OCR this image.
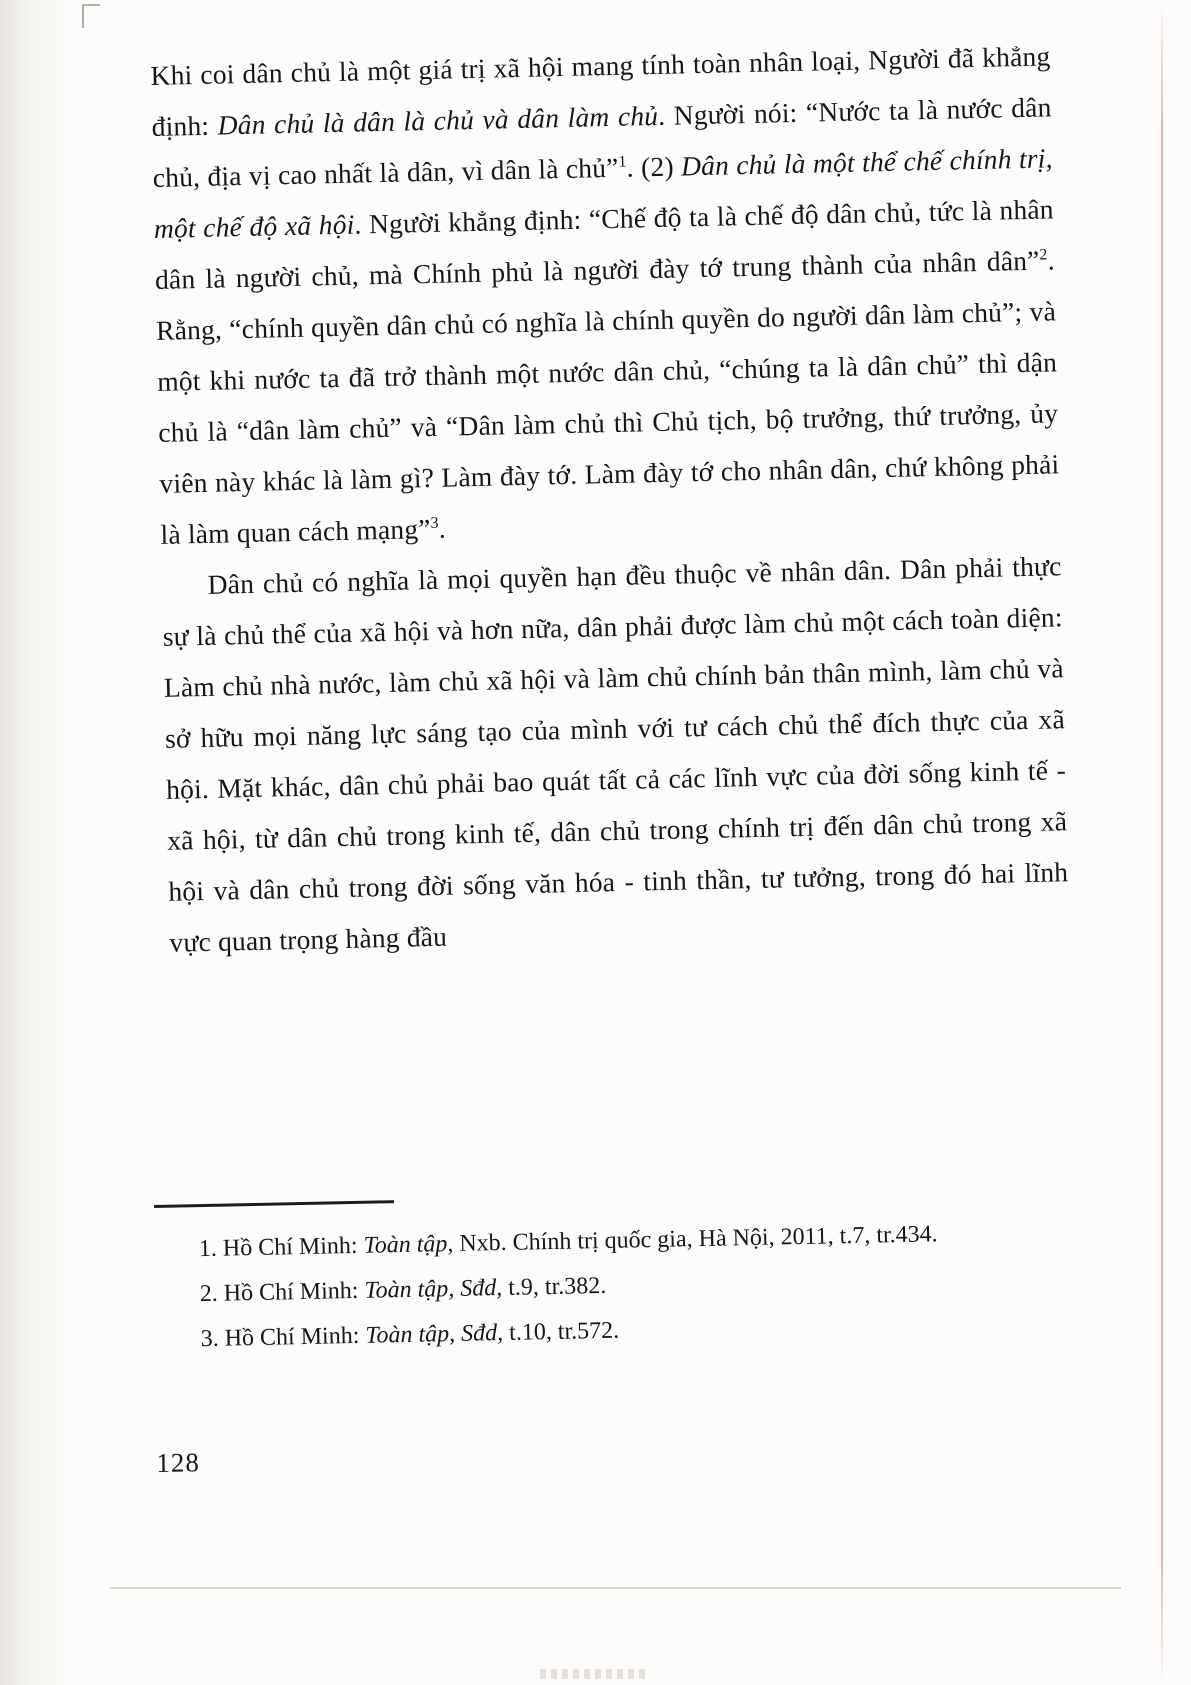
Khi coi dân chủ là một giá trị xã hội mang tính toàn nhân loại, Người đã khẳng định: Dân chủ là dân là chủ và dân làm chủ. Người nói: “Nước ta là nước dân chủ, địa vị cao nhất là dân, vì dân là chủ”$^1$. (2) Dân chủ là một thể chế chính trị, một chế độ xã hội. Người khẳng định: “Chế độ ta là chế độ dân chủ, tức là nhân dân là người chủ, mà Chính phủ là người đày tớ trung thành của nhân dân”$^2$. Rằng, “chính quyền dân chủ có nghĩa là chính quyền do người dân làm chủ”; và một khi nước ta đã trở thành một nước dân chủ, “chúng ta là dân chủ” thì dận chủ là “dân làm chủ” và “Dân làm chủ thì Chủ tịch, bộ trưởng, thứ trưởng, ủy viên này khác là làm gì? Làm đày tớ. Làm đày tớ cho nhân dân, chứ không phải là làm quan cách mạng”$^3$.

Dân chủ có nghĩa là mọi quyền hạn đều thuộc về nhân dân. Dân phải thực sự là chủ thể của xã hội và hơn nữa, dân phải được làm chủ một cách toàn diện: Làm chủ nhà nước, làm chủ xã hội và làm chủ chính bản thân mình, làm chủ và sở hữu mọi năng lực sáng tạo của mình với tư cách chủ thể đích thực của xã hội. Mặt khác, dân chủ phải bao quát tất cả các lĩnh vực của đời sống kinh tế - xã hội, từ dân chủ trong kinh tế, dân chủ trong chính trị đến dân chủ trong xã hội và dân chủ trong đời sống văn hóa - tinh thần, tư tưởng, trong đó hai lĩnh vực quan trọng hàng đầu

1. Hồ Chí Minh: Toàn tập, Nxb. Chính trị quốc gia, Hà Nội, 2011, t.7, tr.434.

2. Hồ Chí Minh: Toàn tập, Sđd, t.9, tr.382.

3. Hồ Chí Minh: Toàn tập, Sđd, t.10, tr.572.

128
